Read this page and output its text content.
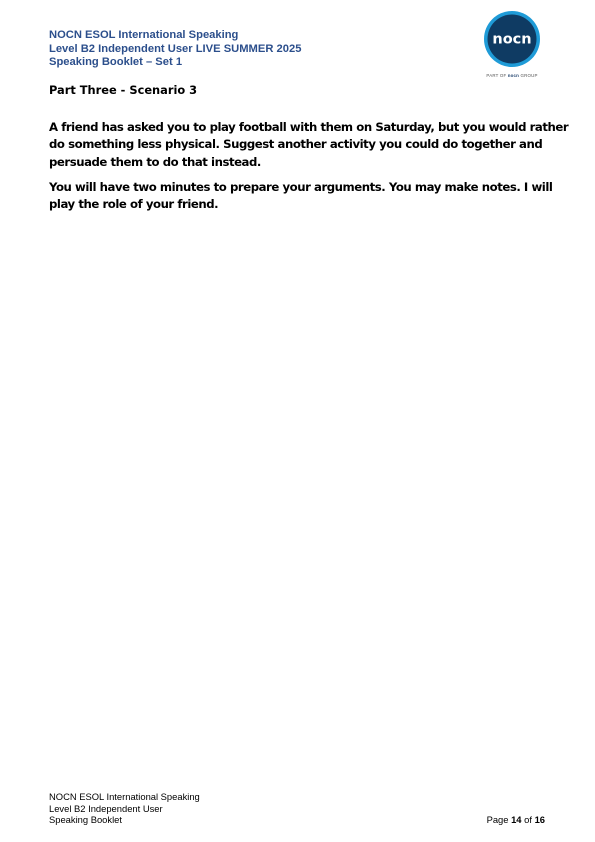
NOCN ESOL International Speaking
Level B2 Independent User LIVE SUMMER 2025
Speaking Booklet – Set 1
nocn
PART OF nocn GROUP
Part Three - Scenario 3
A friend has asked you to play football with them on Saturday, but you would rather
do something less physical. Suggest another activity you could do together and
persuade them to do that instead.
You will have two minutes to prepare your arguments. You may make notes. I will
play the role of your friend.
NOCN ESOL International Speaking
Level B2 Independent User
Speaking Booklet	Page 14 of 16
